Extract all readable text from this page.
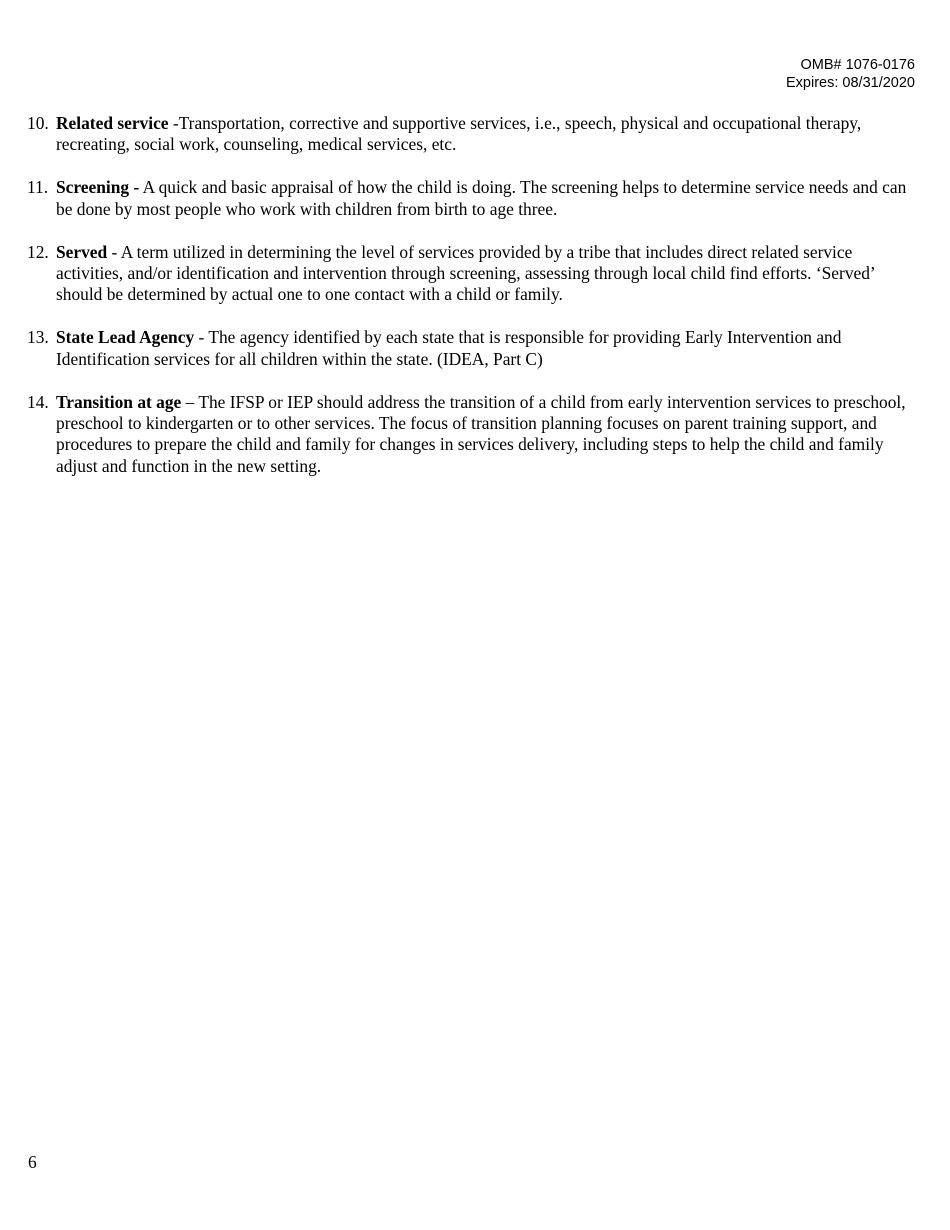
OMB# 1076-0176
Expires: 08/31/2020
10. Related service -Transportation, corrective and supportive services, i.e., speech, physical and occupational therapy, recreating, social work, counseling, medical services, etc.
11. Screening - A quick and basic appraisal of how the child is doing. The screening helps to determine service needs and can be done by most people who work with children from birth to age three.
12. Served - A term utilized in determining the level of services provided by a tribe that includes direct related service activities, and/or identification and intervention through screening, assessing through local child find efforts. ‘Served’ should be determined by actual one to one contact with a child or family.
13. State Lead Agency - The agency identified by each state that is responsible for providing Early Intervention and Identification services for all children within the state. (IDEA, Part C)
14. Transition at age – The IFSP or IEP should address the transition of a child from early intervention services to preschool, preschool to kindergarten or to other services. The focus of transition planning focuses on parent training support, and procedures to prepare the child and family for changes in services delivery, including steps to help the child and family adjust and function in the new setting.
6
